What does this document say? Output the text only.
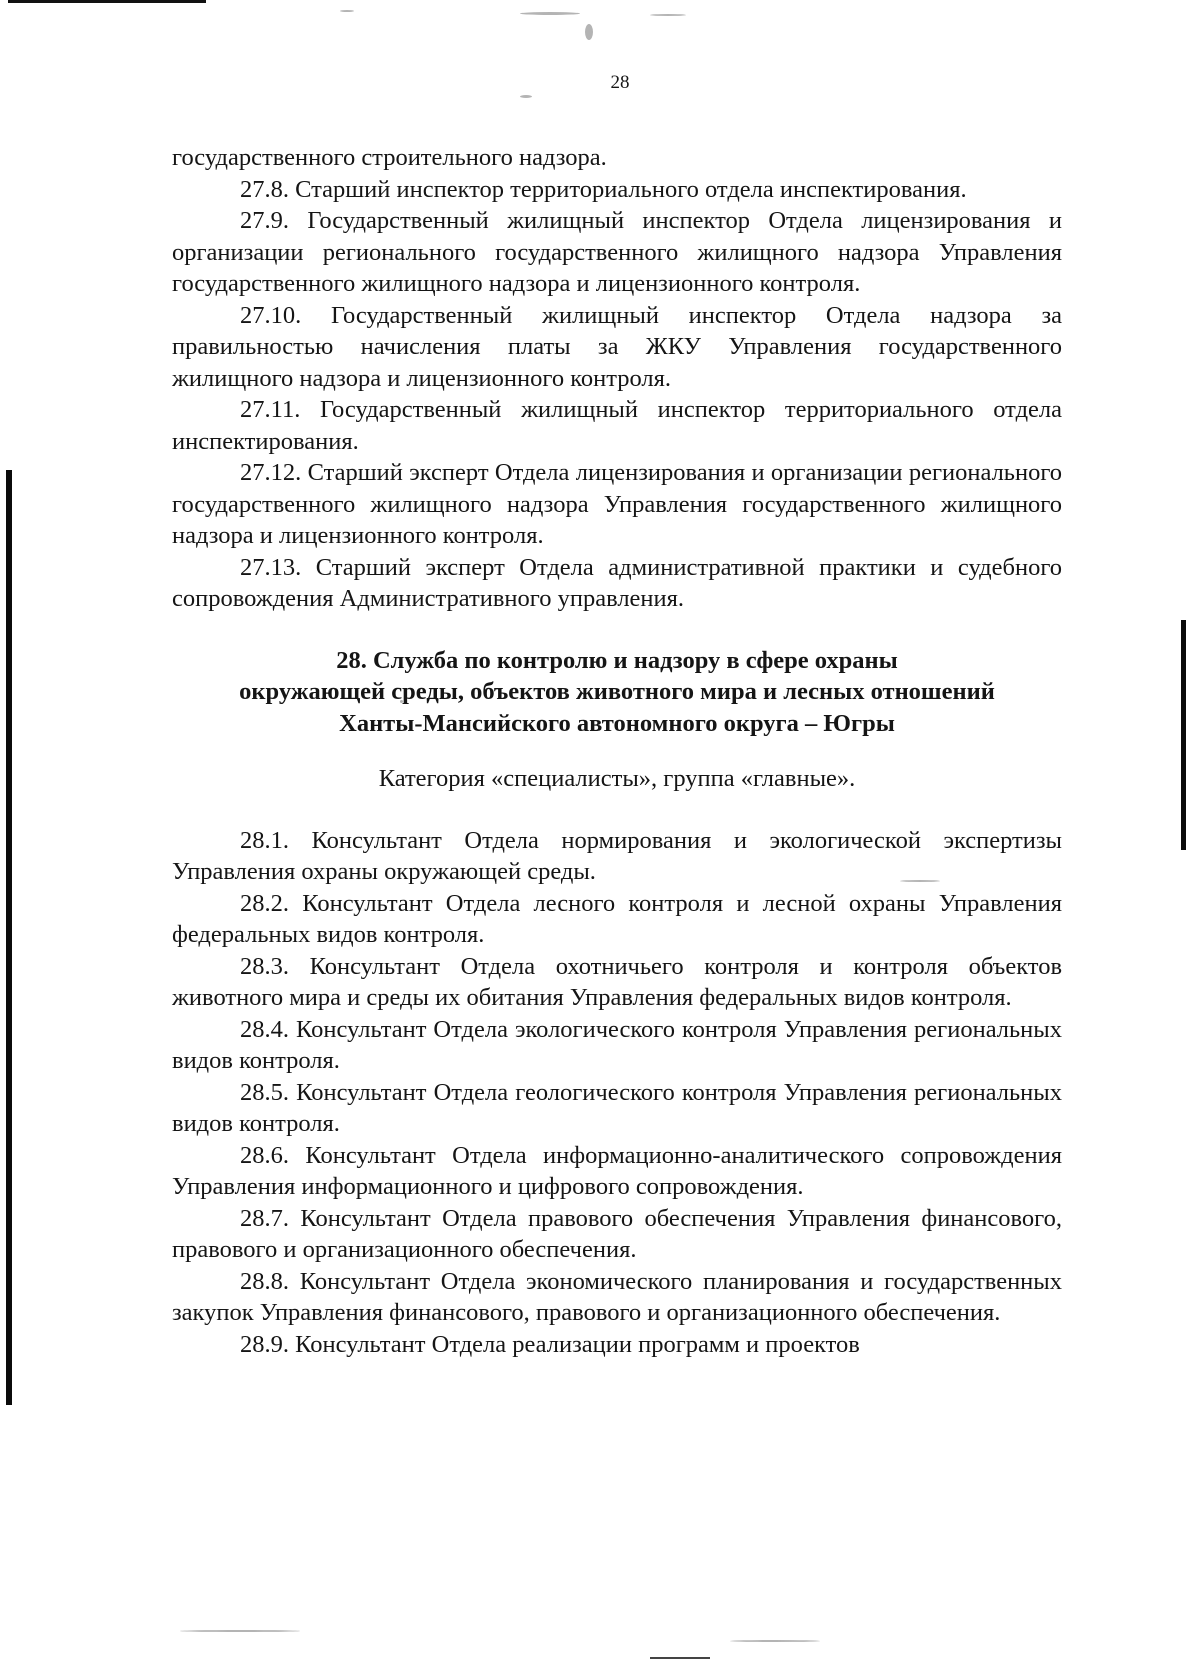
28

государственного строительного надзора.

27.8. Старший инспектор территориального отдела инспектирования.

27.9. Государственный жилищный инспектор Отдела лицензирования и организации регионального государственного жилищного надзора Управления государственного жилищного надзора и лицензионного контроля.

27.10. Государственный жилищный инспектор Отдела надзора за правильностью начисления платы за ЖКУ Управления государственного жилищного надзора и лицензионного контроля.

27.11. Государственный жилищный инспектор территориального отдела инспектирования.

27.12. Старший эксперт Отдела лицензирования и организации регионального государственного жилищного надзора Управления государственного жилищного надзора и лицензионного контроля.

27.13. Старший эксперт Отдела административной практики и судебного сопровождения Административного управления.

28. Служба по контролю и надзору в сфере охраны
окружающей среды, объектов животного мира и лесных отношений
Ханты-Мансийского автономного округа – Югры
Категория «специалисты», группа «главные».

28.1. Консультант Отдела нормирования и экологической экспертизы Управления охраны окружающей среды.

28.2. Консультант Отдела лесного контроля и лесной охраны Управления федеральных видов контроля.

28.3. Консультант Отдела охотничьего контроля и контроля объектов животного мира и среды их обитания Управления федеральных видов контроля.

28.4. Консультант Отдела экологического контроля Управления региональных видов контроля.

28.5. Консультант Отдела геологического контроля Управления региональных видов контроля.

28.6. Консультант Отдела информационно-аналитического сопровождения Управления информационного и цифрового сопровождения.

28.7. Консультант Отдела правового обеспечения Управления финансового, правового и организационного обеспечения.

28.8. Консультант Отдела экономического планирования и государственных закупок Управления финансового, правового и организационного обеспечения.

28.9. Консультант Отдела реализации программ и проектов
